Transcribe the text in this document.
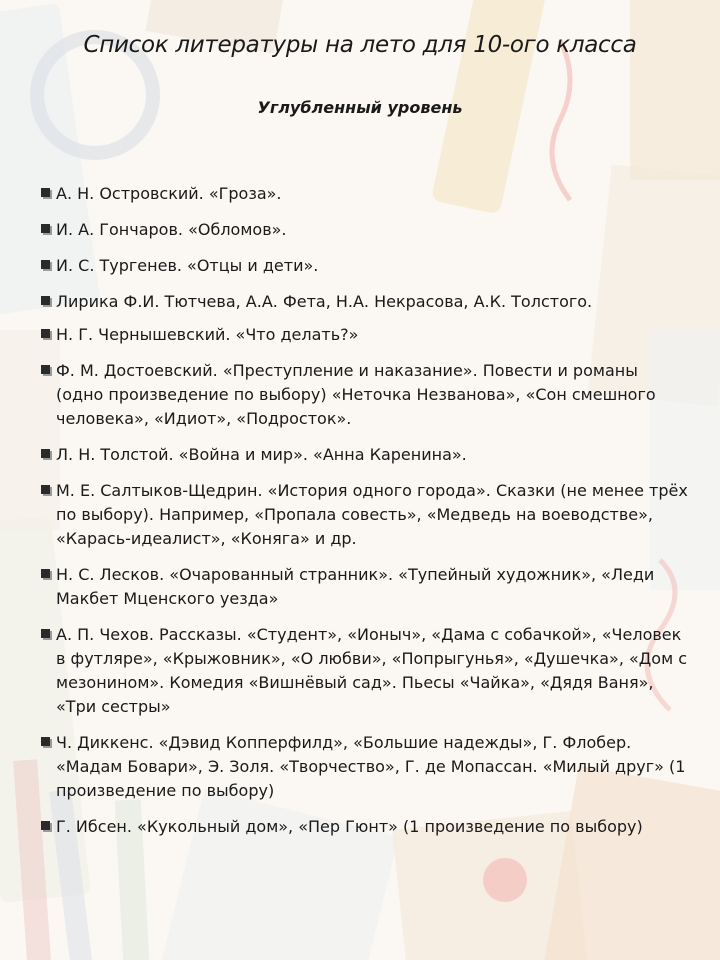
Список литературы на лето для 10-ого класса
Углубленный уровень
А. Н. Островский. «Гроза».
И. А. Гончаров. «Обломов».
И. С. Тургенев. «Отцы и дети».
Лирика Ф.И. Тютчева, А.А. Фета, Н.А. Некрасова, А.К. Толстого.
Н. Г. Чернышевский. «Что делать?»
Ф. М. Достоевский. «Преступление и наказание». Повести и романы (одно произведение по выбору) «Неточка Незванова», «Сон смешного человека», «Идиот», «Подросток».
Л. Н. Толстой. «Война и мир». «Анна Каренина».
М. Е. Салтыков-Щедрин. «История одного города». Сказки (не менее трёх по выбору). Например, «Пропала совесть», «Медведь на воеводстве», «Карась-идеалист», «Коняга» и др.
Н. С. Лесков. «Очарованный странник». «Тупейный художник», «Леди Макбет Мценского уезда»
А. П. Чехов. Рассказы. «Студент», «Ионыч», «Дама с собачкой», «Человек в футляре», «Крыжовник», «О любви», «Попрыгунья», «Душечка», «Дом с мезонином». Комедия «Вишнёвый сад». Пьесы «Чайка», «Дядя Ваня», «Три сестры»
Ч. Диккенс. «Дэвид Копперфилд», «Большие надежды», Г. Флобер. «Мадам Бовари», Э. Золя. «Творчество», Г. де Мопассан. «Милый друг» (1 произведение по выбору)
Г. Ибсен. «Кукольный дом», «Пер Гюнт» (1 произведение по выбору)
